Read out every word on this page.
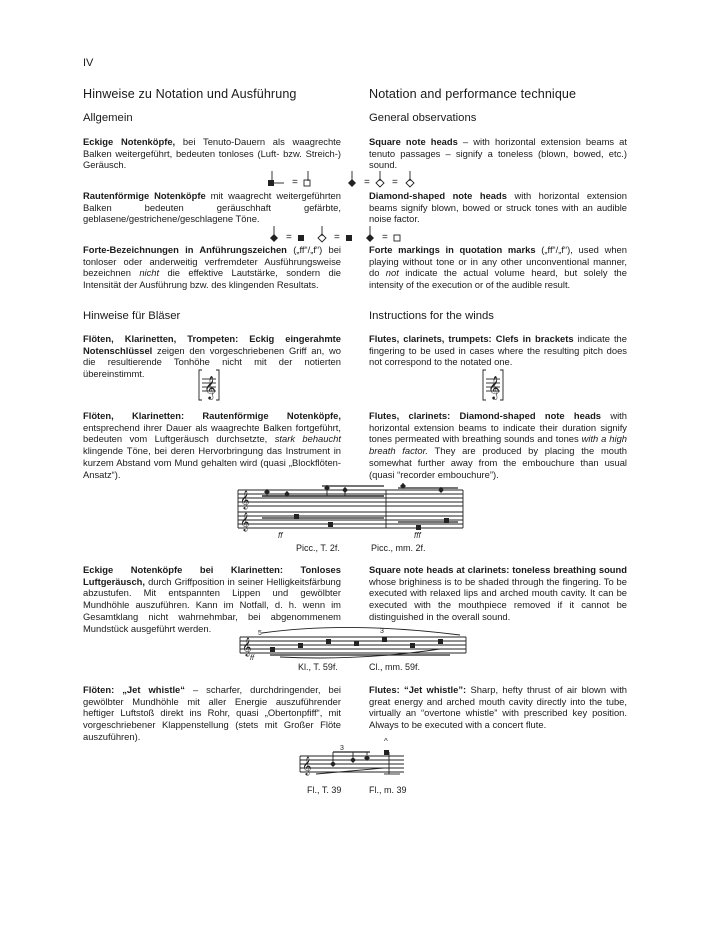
IV
Hinweise zu Notation und Ausführung	Notation and performance technique
Allgemein	General observations
Eckige Notenköpfe, bei Tenuto-Dauern als waagrechte Balken weitergeführt, bedeuten tonloses (Luft- bzw. Streich-) Geräusch.
Square note heads – with horizontal extension beams at tenuto passages – signify a toneless (blown, bowed, etc.) sound.
=	= =
Rautenförmige Notenköpfe mit waagrecht weitergeführten Balken bedeuten geräuschhaft gefärbte, geblasene/gestrichene/geschlagene Töne.
Diamond-shaped note heads with horizontal extension beams signify blown, bowed or struck tones with an audible noise factor.
=	=	=
Forte-Bezeichnungen in Anführungszeichen („ff“/„f“) bei tonloser oder anderweitig verfremdeter Ausführungsweise bezeichnen nicht die effektive Lautstärke, sondern die Intensität der Ausführung bzw. des klingenden Resultats.
Forte markings in quotation marks („ff“/„f“), used when playing without tone or in any other unconventional manner, do not indicate the actual volume heard, but solely the intensity of the execution or of the audible result.
Hinweise für Bläser	Instructions for the winds
Flöten, Klarinetten, Trompeten: Eckig eingerahmte Notenschlüssel zeigen den vorgeschriebenen Griff an, wo die resultierende Tonhöhe nicht mit der notierten übereinstimmt.
Flutes, clarinets, trumpets: Clefs in brackets indicate the fingering to be used in cases where the resulting pitch does not correspond to the notated one.
𝄞	𝄞
Flöten, Klarinetten: Rautenförmige Notenköpfe, entsprechend ihrer Dauer als waagrechte Balken fortgeführt, bedeuten vom Luftgeräusch durchsetzte, stark behaucht klingende Töne, bei deren Hervorbringung das Instrument in kurzem Abstand vom Mund gehalten wird (quasi „Blockflöten-Ansatz“).
Flutes, clarinets: Diamond-shaped note heads with horizontal extension beams to indicate their duration signify tones permeated with breathing sounds and tones with a high breath factor. They are produced by placing the mouth somewhat further away from the embouchure than usual (quasi “recorder embouchure”).
𝄞
𝄞
ff	fff
Picc., T. 2f.	Picc., mm. 2f.
Eckige Notenköpfe bei Klarinetten: Tonloses Luftgeräusch, durch Griffposition in seiner Helligkeitsfärbung abzustufen. Mit entspannten Lippen und gewölbter Mundhöhle auszuführen. Kann im Notfall, d. h. wenn im Gesamtklang nicht wahrnehmbar, bei abgenommenem Mundstück ausgeführt werden.
Square note heads at clarinets: toneless breathing sound whose brighiness is to be shaded through the fingering. To be executed with relaxed lips and arched mouth cavity. It can be executed with the mouthpiece removed if it cannot be distinguished in the overall sound.
𝄞
5	3
ff
Kl., T. 59f.	Cl., mm. 59f.
Flöten: „Jet whistle“ – scharfer, durchdringender, bei gewölbter Mundhöhle mit aller Energie auszuführender heftiger Luftstoß direkt ins Rohr, quasi „Obertonpfiff“, mit vorgeschriebener Klappenstellung (stets mit Großer Flöte auszuführen).
Flutes: “Jet whistle”: Sharp, hefty thrust of air blown with great energy and arched mouth cavity directly into the tube, virtually an “overtone whistle” with prescribed key position. Always to be executed with a concert flute.
𝄞
3
^
Fl., T. 39	Fl., m. 39
